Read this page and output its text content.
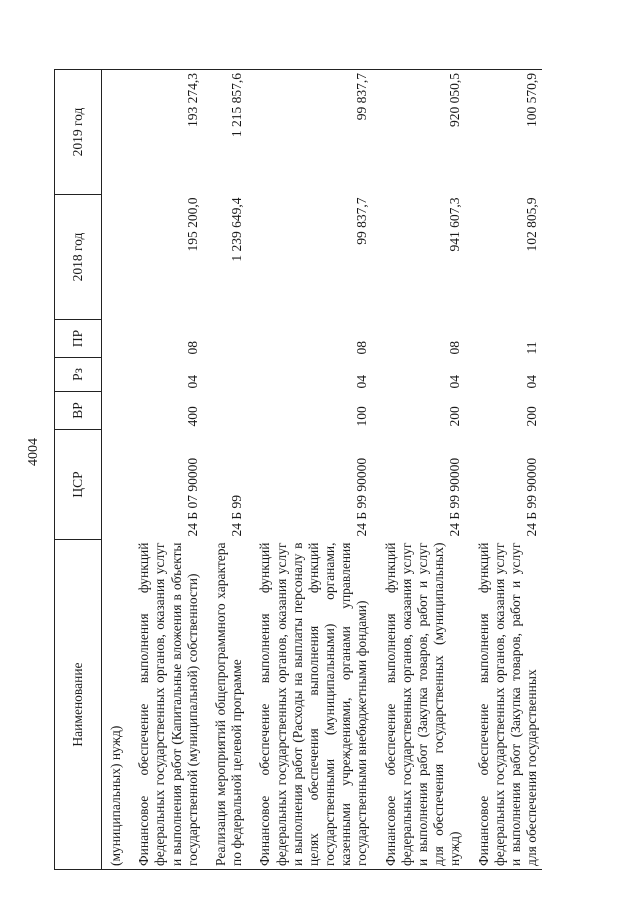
4004
Наименование	ЦСР	ВР	Рз	ПР	2018 год	2019 год
(муниципальных) нужд)						
Финансовое обеспечение выполнения функций федеральных государственных органов, оказания услуг и выполнения работ (Капитальные вложения в объекты государственной (муниципальной) собственности)	24 Б 07 90000	400	04	08	195 200,0	193 274,3
Реализация мероприятий общепрограммного характера по федеральной целевой программе	24 Б 99				1 239 649,4	1 215 857,6
Финансовое обеспечение выполнения функций федеральных государственных органов, оказания услуг и выполнения работ (Расходы на выплаты персоналу в целях обеспечения выполнения функций государственными (муниципальными) органами, казенными учреждениями, органами управления государственными внебюджетными фондами)	24 Б 99 90000	100	04	08	99 837,7	99 837,7
Финансовое обеспечение выполнения функций федеральных государственных органов, оказания услуг и выполнения работ (Закупка товаров, работ и услуг для обеспечения государственных (муниципальных) нужд)	24 Б 99 90000	200	04	08	941 607,3	920 050,5
Финансовое обеспечение выполнения функций федеральных государственных органов, оказания услуг и выполнения работ (Закупка товаров, работ и услуг для обеспечения государственных	24 Б 99 90000	200	04	11	102 805,9	100 570,9
